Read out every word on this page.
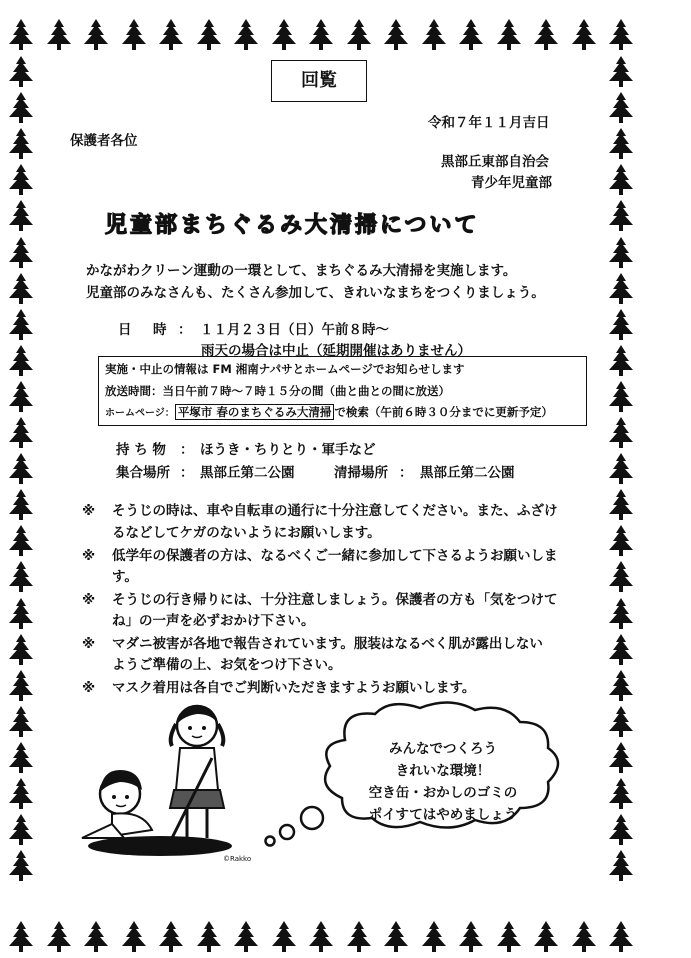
回覧
令和７年１１月吉日
保護者各位
黒部丘東部自治会
青少年児童部
児童部まちぐるみ大清掃について
かながわクリーン運動の一環として、まちぐるみ大清掃を実施します。
児童部のみなさんも、たくさん参加して、きれいなまちをつくりましょう。
日　時 ： １１月２３日（日）午前８時～
雨天の場合は中止（延期開催はありません）
実施・中止の情報は FM 湘南ナパサとホームページでお知らせします
放送時間：当日午前７時～７時１５分の間（曲と曲との間に放送）
ホームページ： 平塚市 春のまちぐるみ大清掃 で検索（午前６時３０分までに更新予定）
持 ち 物 ： ほうき・ちりとり・軍手など
集合場所 ： 黒部丘第二公園	清掃場所 ： 黒部丘第二公園
※ そうじの時は、車や自転車の通行に十分注意してください。また、ふざけ
るなどしてケガのないようにお願いします。
※ 低学年の保護者の方は、なるべくご一緒に参加して下さるようお願いしま
す。
※ そうじの行き帰りには、十分注意しましょう。保護者の方も「気をつけて
ね」の一声を必ずおかけ下さい。
※ マダニ被害が各地で報告されています。服装はなるべく肌が露出しない
ようご準備の上、お気をつけ下さい。
※ マスク着用は各自でご判断いただきますようお願いします。
©Rakko
みんなでつくろう
きれいな環境！
空き缶・おかしのゴミの
ポイすてはやめましょう
